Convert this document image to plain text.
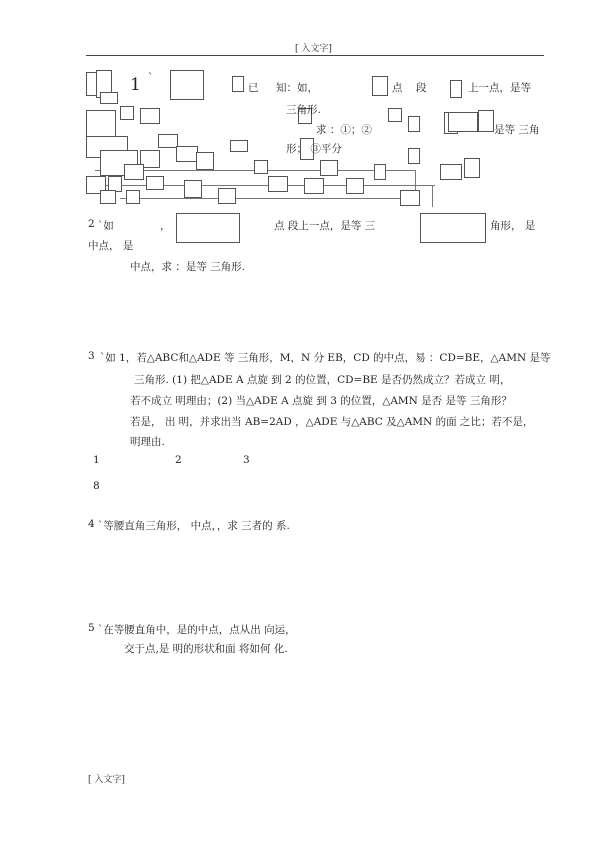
[ 入文字]
1 `
已 知：如，	点 段	上一点，是等
三角形.
求 ：①；②	是等 三角
形； ③平分
2 `如	，	点 段上一点，是等 三	角形， 是
中点， 是
中点，求 ：是等 三角形.
3 `如 1，若△ABC和△ADE 等 三角形，M，N 分 EB，CD 的中点，易 ：CD=BE，△AMN 是等
三角形. (1) 把△ADE A 点旋 到 2 的位置，CD=BE 是否仍然成立？若成立 明，
若不成立 明理由；(2) 当△ADE A 点旋 到 3 的位置，△AMN 是否 是等 三角形？
若是， 出 明，并求出当 AB=2AD ，△ADE 与△ABC 及△AMN 的面 之比；若不是，
明理由.
1	2	3
8
4 `等腰直角三角形， 中点，，求 三者的 系.
5 `在等腰直角中，是的中点，点从出 向运，
交于点,是 明的形状和面 将如何 化.
[ 入文字]
